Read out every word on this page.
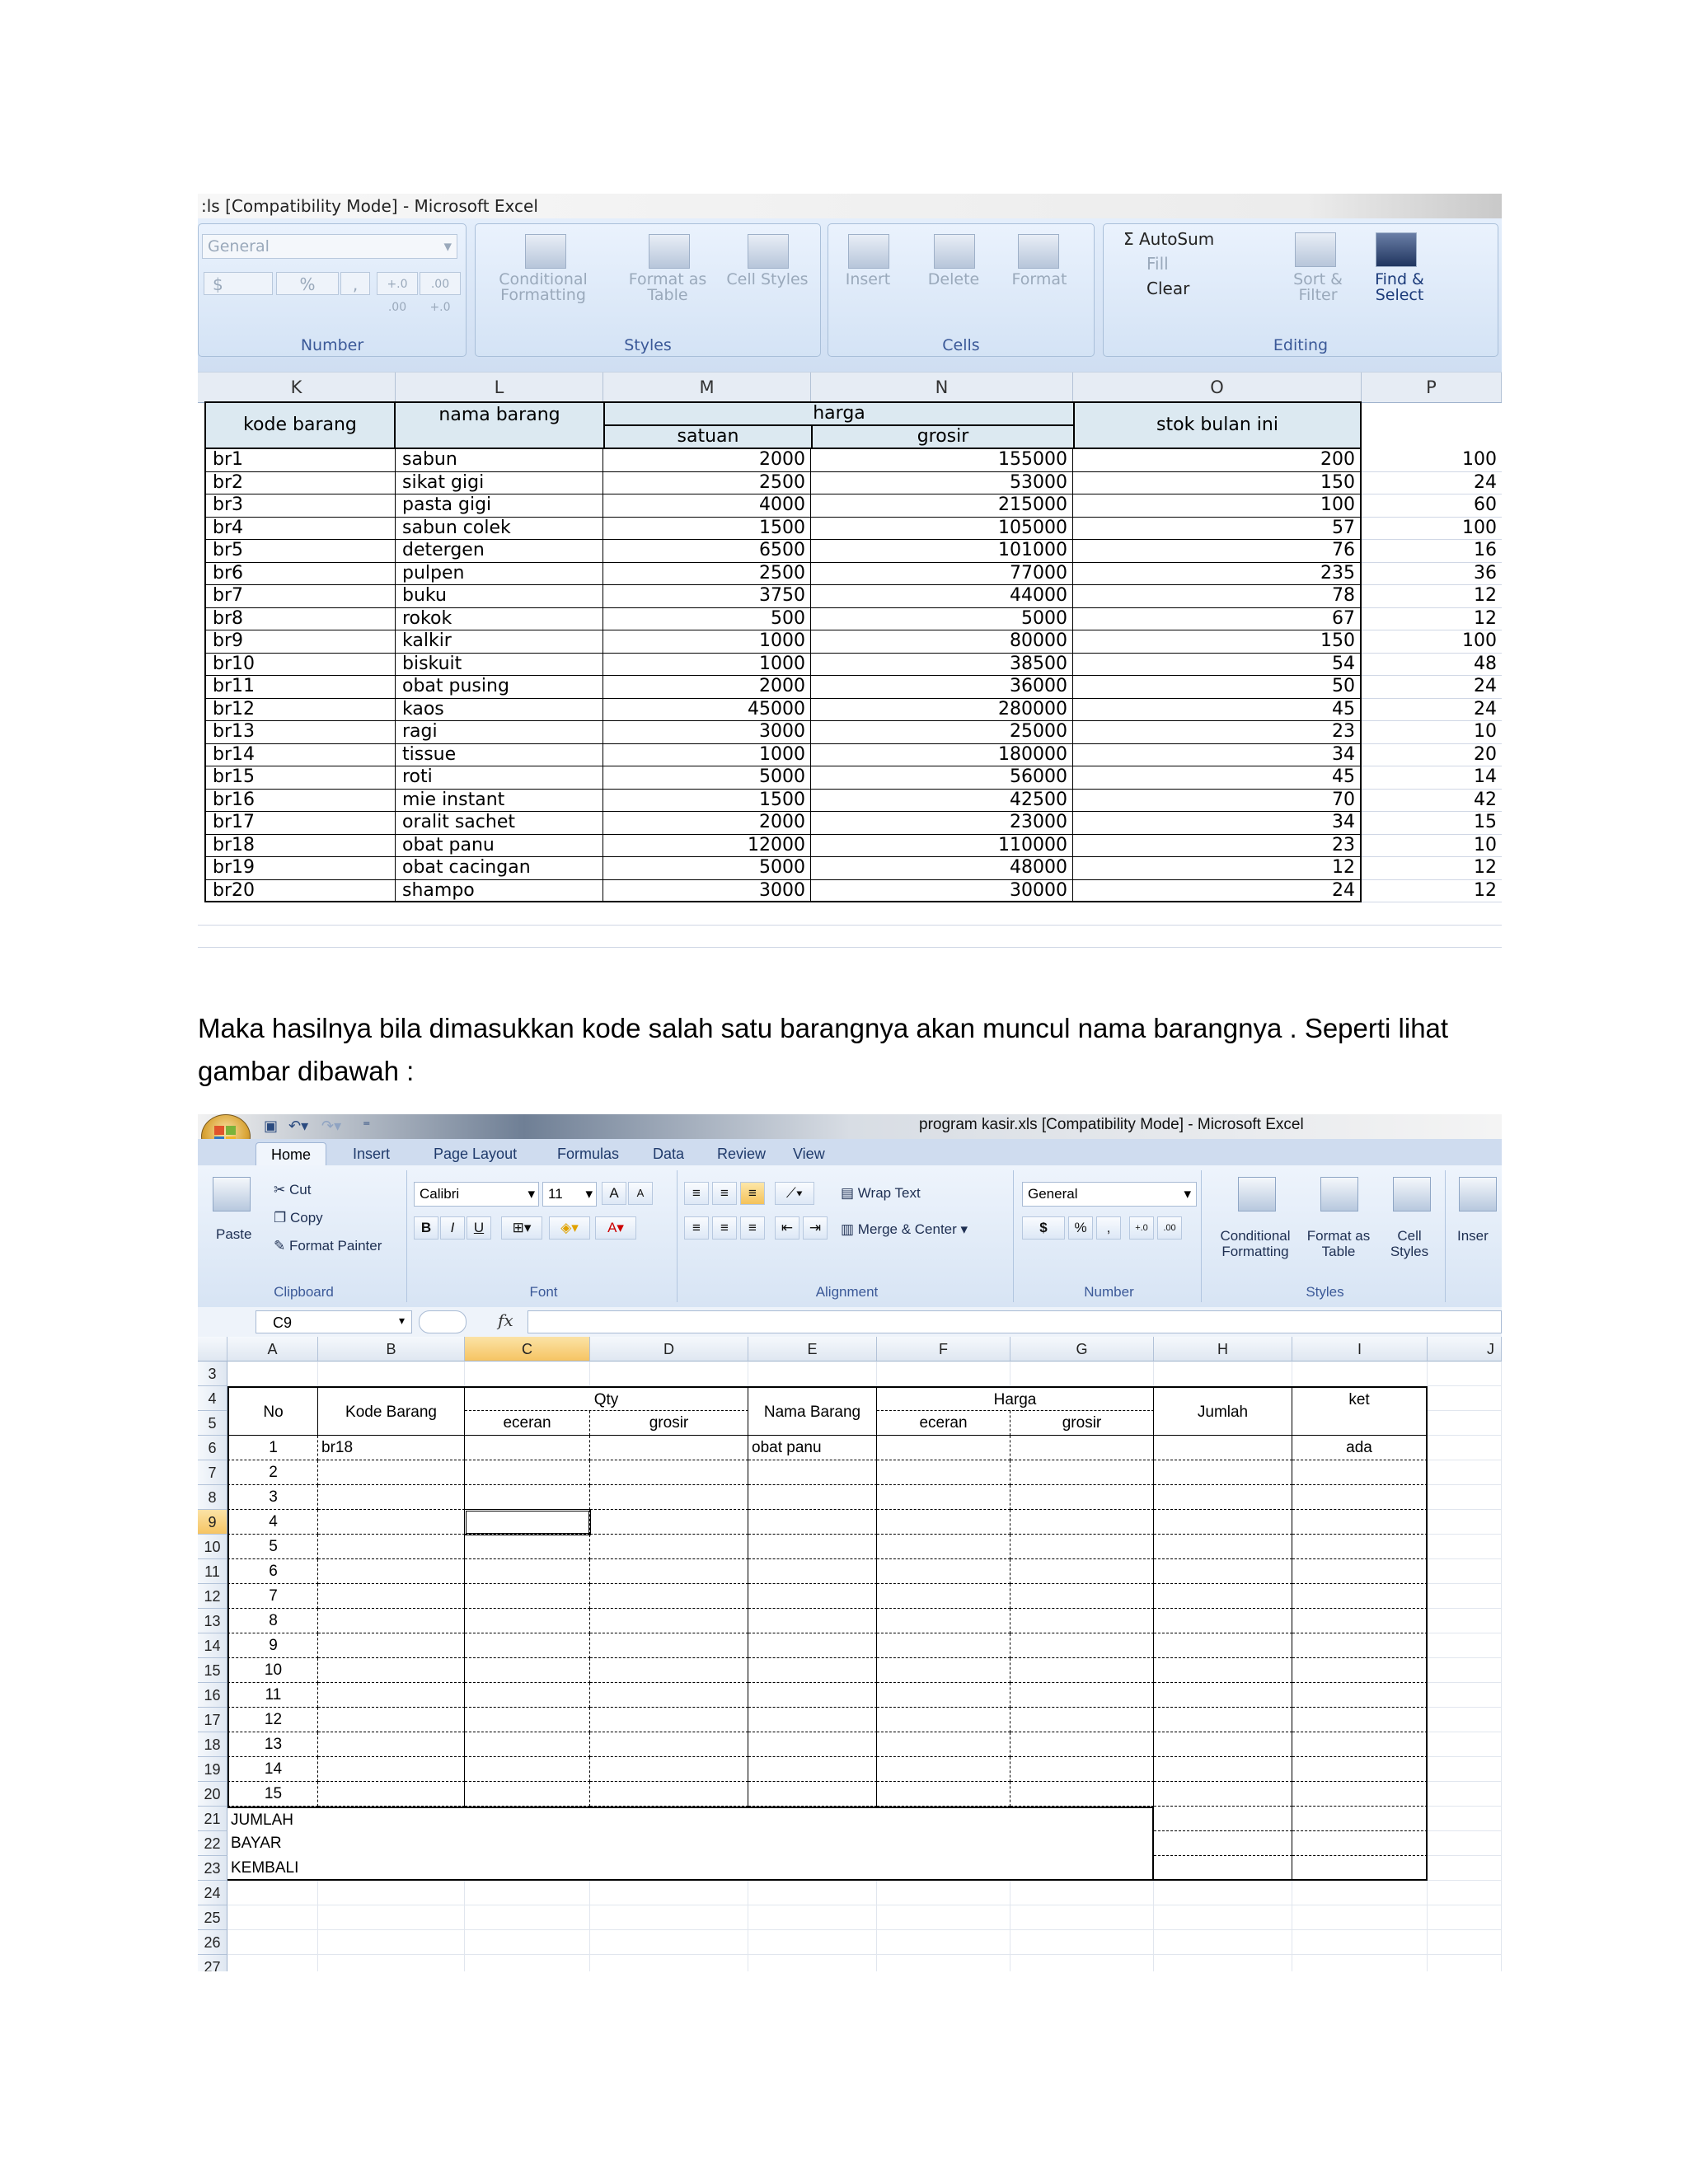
:ls [Compatibility Mode] - Microsoft Excel
General	▾
$	%	,	+.0 .00
.00 +.0
Number
Conditional Formatting
Format as Table
Cell Styles
Styles
Insert	Delete	Format
Cells
Σ AutoSum
Fill
Clear	Sort & Filter
Find & Select
Editing
K	L	M	N	O	P
kode barang	nama barang	harga
satuan	grosir
stok bulan ini
br1	sabun	2000	155000	200	100
br2	sikat gigi	2500	53000	150	24
br3	pasta gigi	4000	215000	100	60
br4	sabun colek	1500	105000	57	100
br5	detergen	6500	101000	76	16
br6	pulpen	2500	77000	235	36
br7	buku	3750	44000	78	12
br8	rokok	500	5000	67	12
br9	kalkir	1000	80000	150	100
br10	biskuit	1000	38500	54	48
br11	obat pusing	2000	36000	50	24
br12	kaos	45000	280000	45	24
br13	ragi	3000	25000	23	10
br14	tissue	1000	180000	34	20
br15	roti	5000	56000	45	14
br16	mie instant	1500	42500	70	42
br17	oralit sachet	2000	23000	34	15
br18	obat panu	12000	110000	23	10
br19	obat cacingan	5000	48000	12	12
br20	shampo	3000	30000	24	12
Maka hasilnya bila dimasukkan kode salah satu barangnya akan muncul nama barangnya . Seperti lihat gambar dibawah :
▣ ↶▾ ↷▾ ⁼	program kasir.xls [Compatibility Mode] - Microsoft Excel
Home	Insert	Page Layout	Formulas	Data	Review	View
Paste
✂ Cut
❐ Copy
✎ Format Painter
Clipboard
Calibri	▾ 11 ▾	A	A
B	I	U	⊞▾	◈▾	A▾
Font
≡	≡	≡	⟋▾
≡	≡	≡	⇤	⇥
▤ Wrap Text
▥ Merge & Center ▾
Alignment
General	▾
$	%	,	+.0	.00
Number
Conditional Formatting
Format as Table
Cell Styles
Styles
Inser
C9	▾	fx
A	B	C	D	E	F	G	H	I	J
3
4
5
6
7
8
9
10
11
12
13
14
15
16
17
18
19
20
21
22
23
24
25
26
27
No	Kode Barang
Qty
eceran	grosir
Nama Barang
Harga
eceran	grosir
Jumlah
ket
1	br18	obat panu	ada
2
3
4
5
6
7
8
9
10
11
12
13
14
15
JUMLAH
BAYAR
KEMBALI
